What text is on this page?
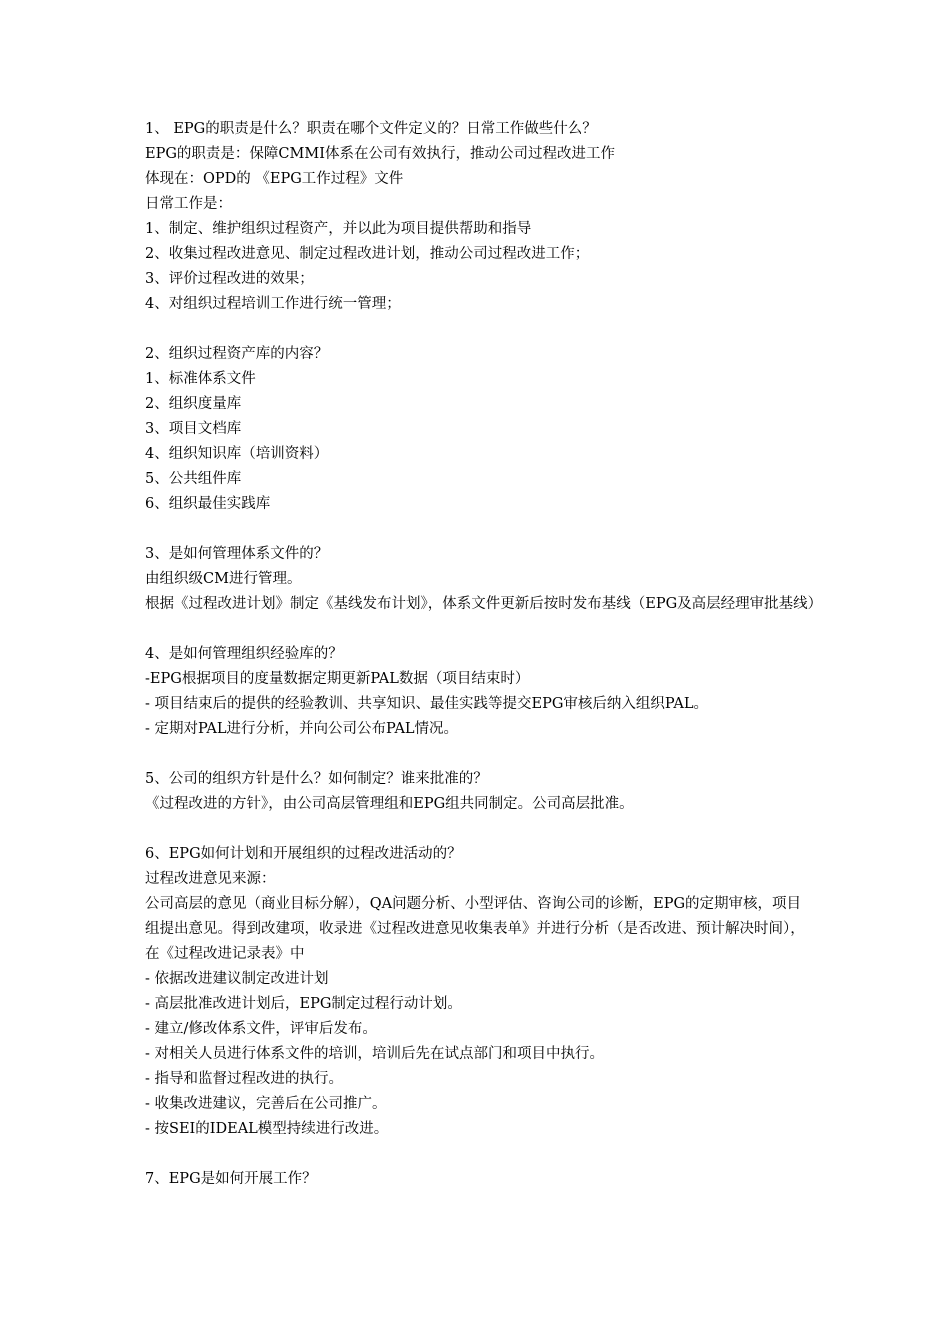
1、 EPG的职责是什么？职责在哪个文件定义的？日常工作做些什么？
EPG的职责是：保障CMMI体系在公司有效执行，推动公司过程改进工作
体现在：OPD的 《EPG工作过程》文件
日常工作是：
1、制定、维护组织过程资产，并以此为项目提供帮助和指导
2、收集过程改进意见、制定过程改进计划，推动公司过程改进工作；
3、评价过程改进的效果；
4、对组织过程培训工作进行统一管理；
2、组织过程资产库的内容？
1、标准体系文件
2、组织度量库
3、项目文档库
4、组织知识库（培训资料）
5、公共组件库
6、组织最佳实践库
3、是如何管理体系文件的？
由组织级CM进行管理。
根据《过程改进计划》制定《基线发布计划》，体系文件更新后按时发布基线（EPG及高层经理审批基线）
4、是如何管理组织经验库的？
-EPG根据项目的度量数据定期更新PAL数据（项目结束时）
- 项目结束后的提供的经验教训、共享知识、最佳实践等提交EPG审核后纳入组织PAL。
- 定期对PAL进行分析，并向公司公布PAL情况。
5、公司的组织方针是什么？如何制定？谁来批准的？
《过程改进的方针》，由公司高层管理组和EPG组共同制定。公司高层批准。
6、EPG如何计划和开展组织的过程改进活动的？
过程改进意见来源：
公司高层的意见（商业目标分解），QA问题分析、小型评估、咨询公司的诊断，EPG的定期审核，项目组提出意见。得到改建项，收录进《过程改进意见收集表单》并进行分析（是否改进、预计解决时间），在《过程改进记录表》中
- 依据改进建议制定改进计划
- 高层批准改进计划后，EPG制定过程行动计划。
- 建立/修改体系文件，评审后发布。
- 对相关人员进行体系文件的培训，培训后先在试点部门和项目中执行。
- 指导和监督过程改进的执行。
- 收集改进建议，完善后在公司推广。
- 按SEI的IDEAL模型持续进行改进。
7、EPG是如何开展工作？
